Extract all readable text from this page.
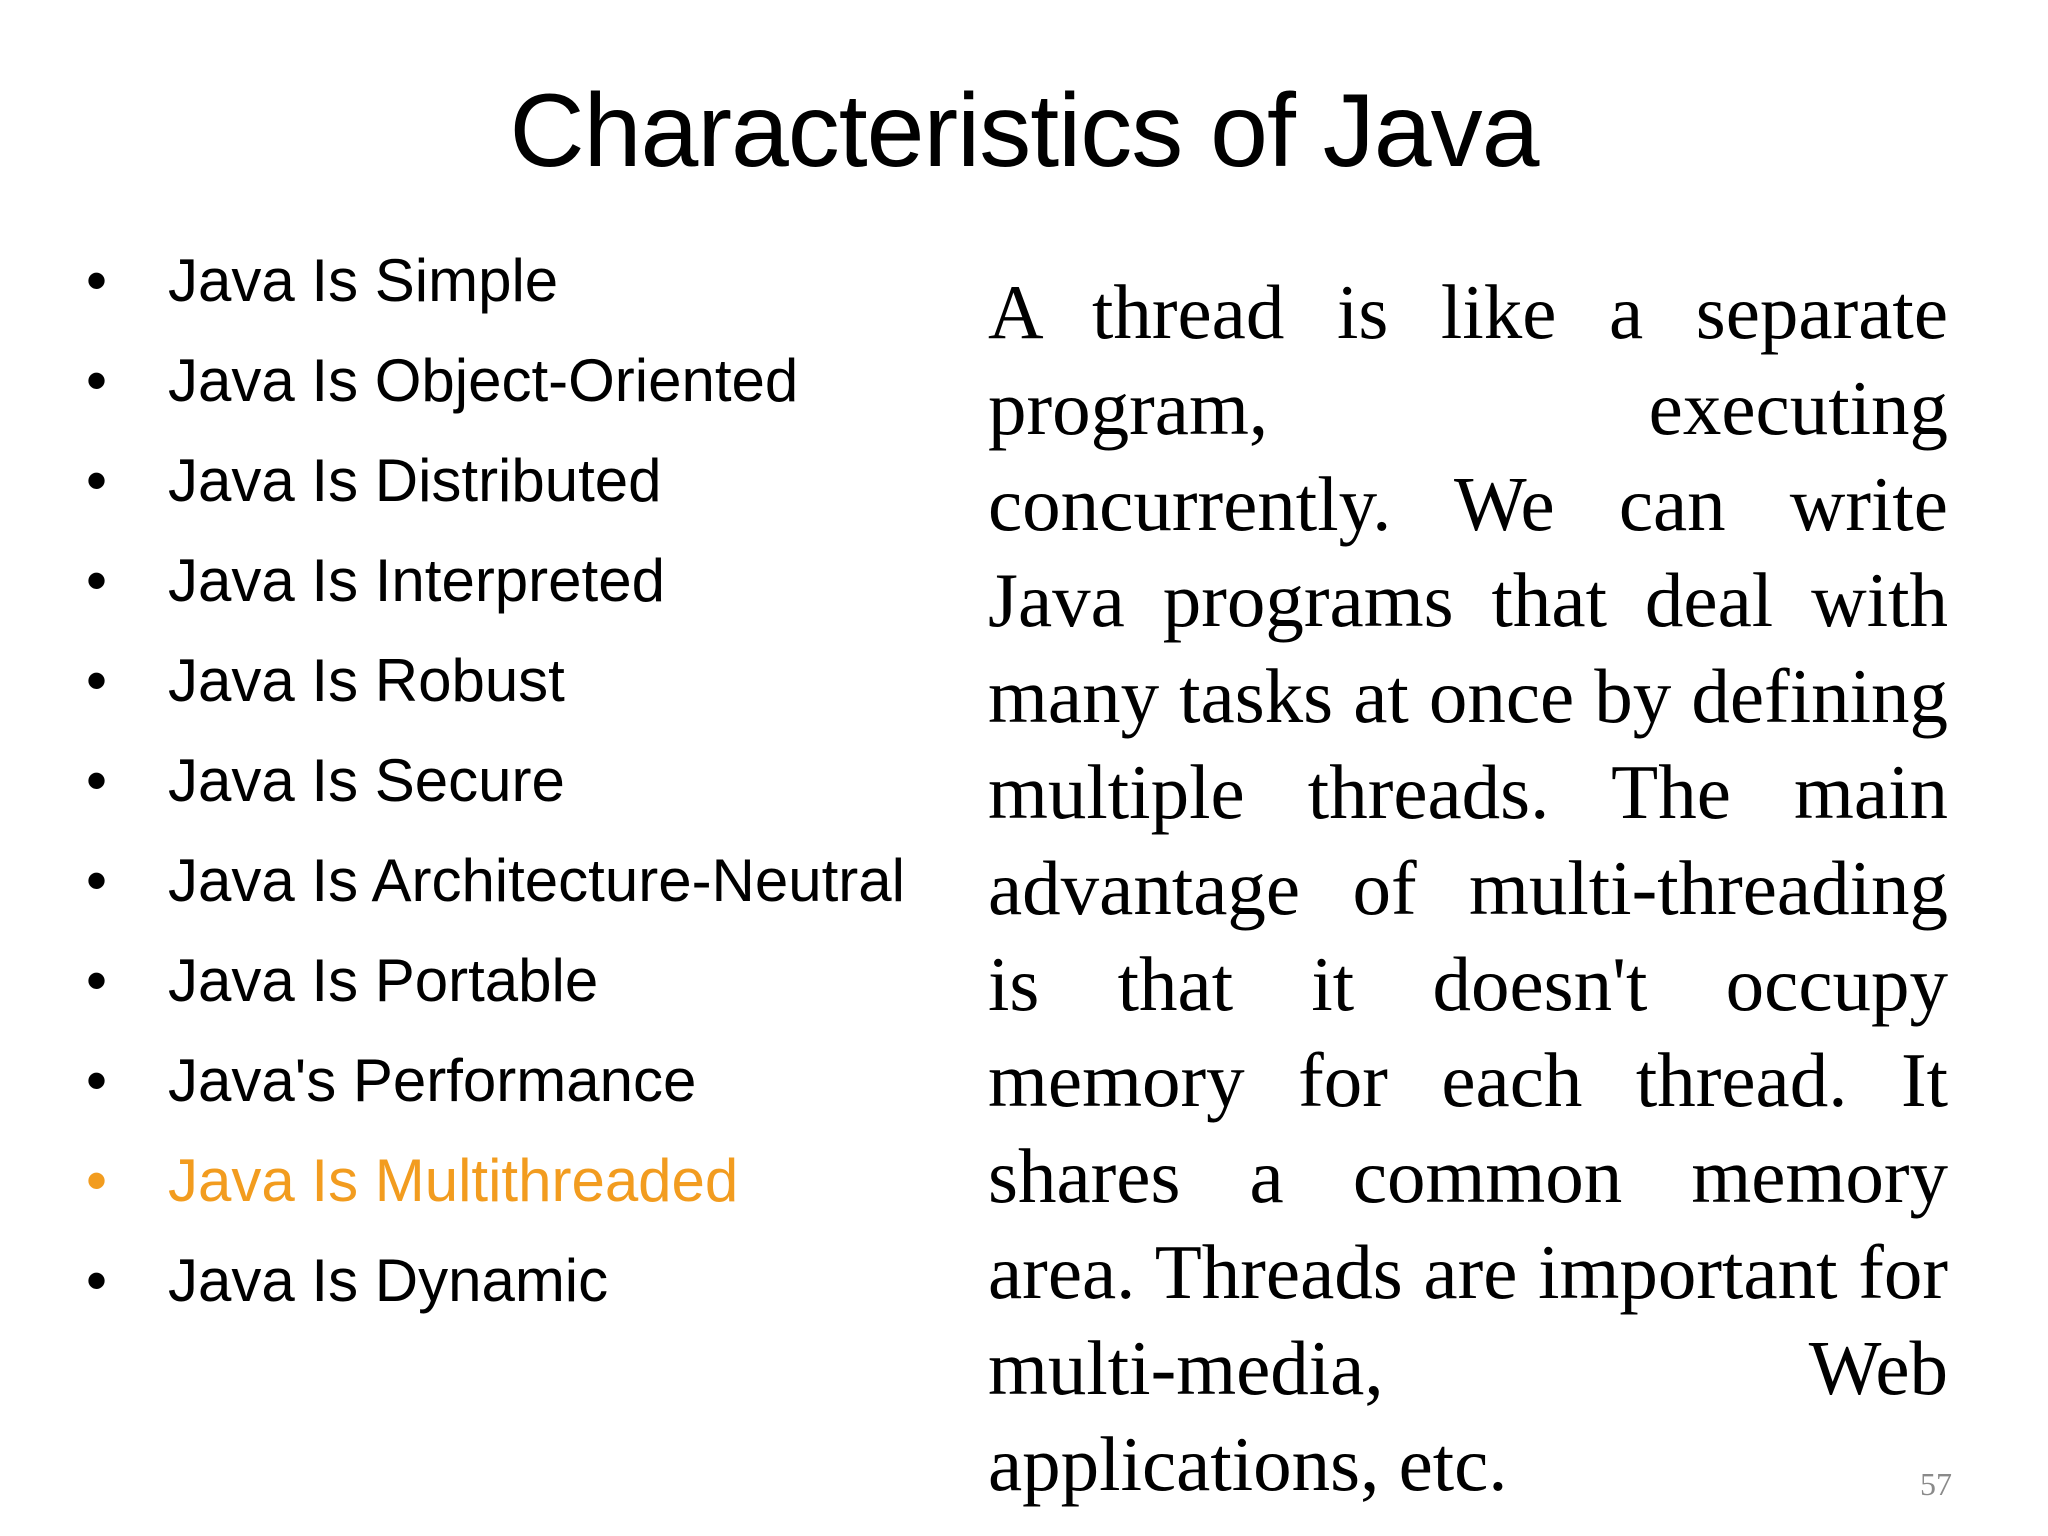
Characteristics of Java
•	Java Is Simple
•	Java Is Object-Oriented
•	Java Is Distributed
•	Java Is Interpreted
•	Java Is Robust
•	Java Is Secure
•	Java Is Architecture-Neutral
•	Java Is Portable
•	Java's Performance
•	Java Is Multithreaded
•	Java Is Dynamic

A thread is like a separate program, executing concurrently. We can write Java programs that deal with many tasks at once by defining multiple threads. The main advantage of multi-threading is that it doesn't occupy memory for each thread. It shares a common memory area. Threads are important for multi-media, Web applications, etc.	57
